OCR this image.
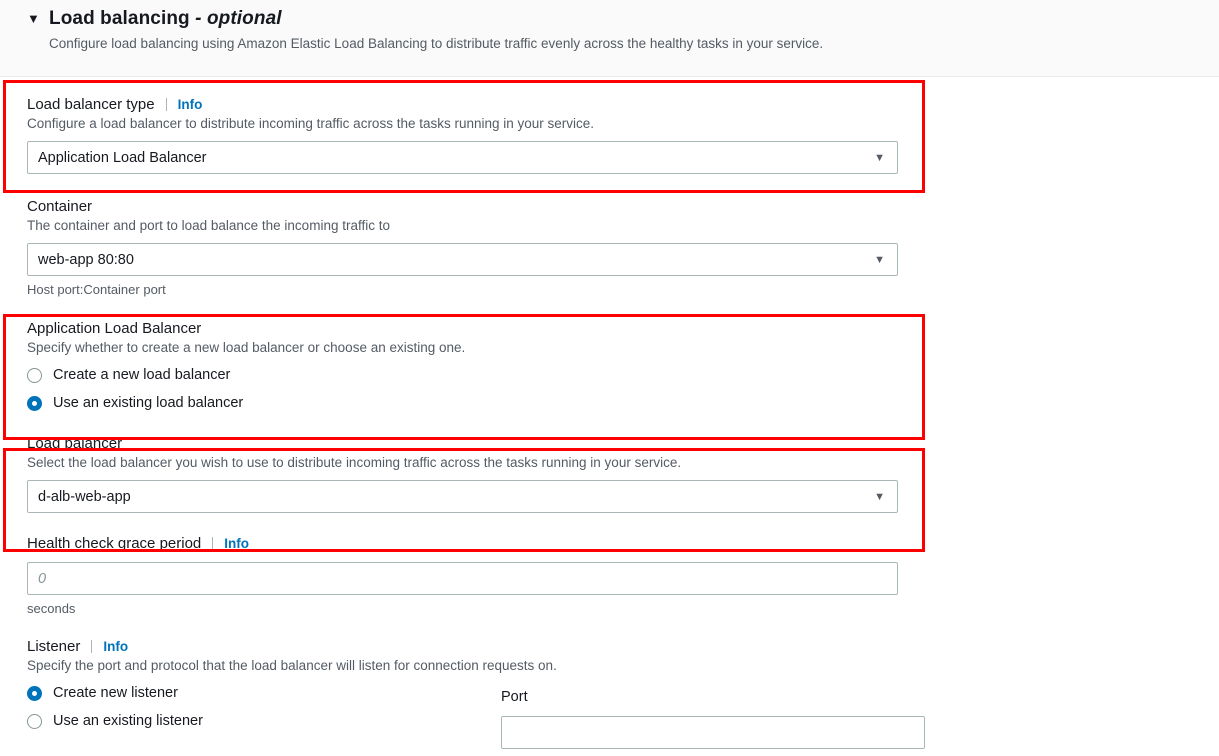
▼ Load balancing - optional
Configure load balancing using Amazon Elastic Load Balancing to distribute traffic evenly across the healthy tasks in your service.
Load balancer type Info
Configure a load balancer to distribute incoming traffic across the tasks running in your service.
Application Load Balancer	▼
Container
The container and port to load balance the incoming traffic to
web-app 80:80	▼
Host port:Container port
Application Load Balancer
Specify whether to create a new load balancer or choose an existing one.
Create a new load balancer
Use an existing load balancer
Load balancer
Select the load balancer you wish to use to distribute incoming traffic across the tasks running in your service.
d-alb-web-app	▼
Health check grace period Info
0
seconds
Listener Info
Specify the port and protocol that the load balancer will listen for connection requests on.
Create new listener	Port
Use an existing listener
